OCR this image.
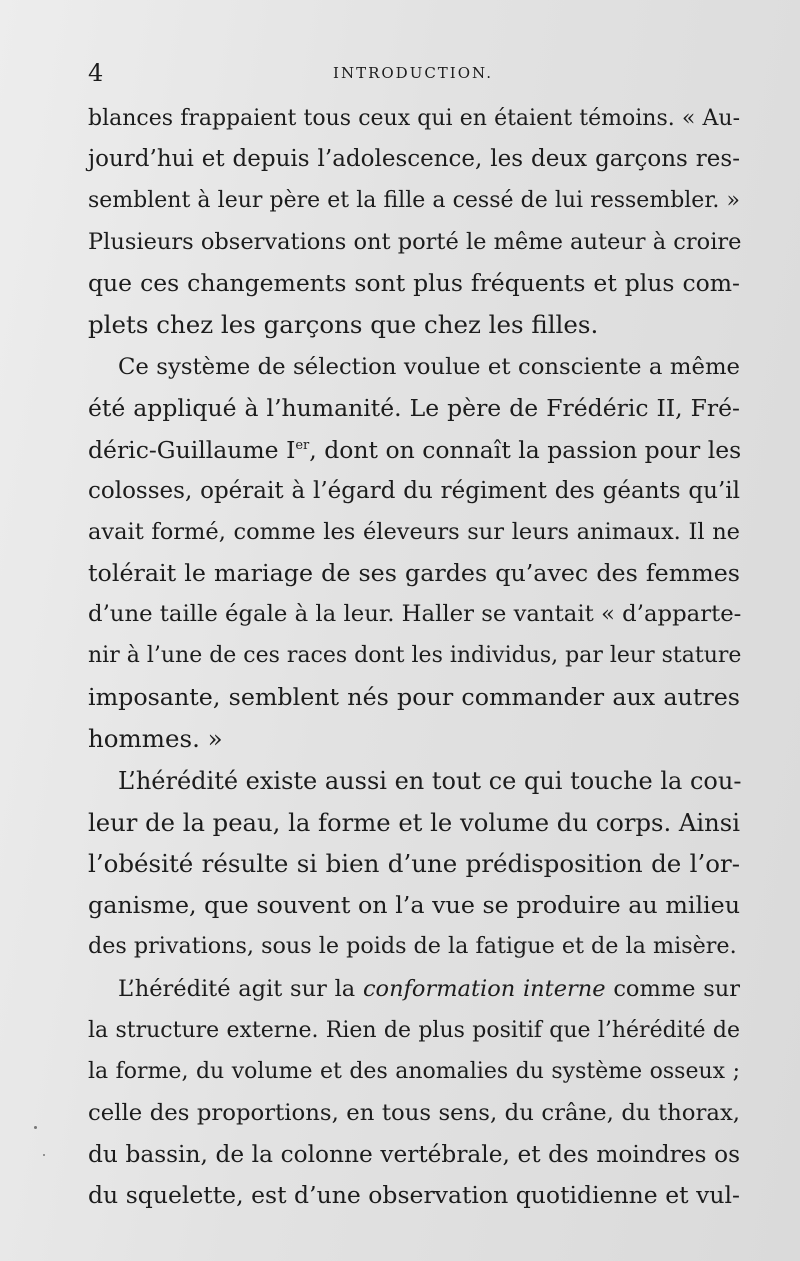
4	INTRODUCTION.
blances frappaient tous ceux qui en étaient témoins. « Au-
jourd’hui et depuis l’adolescence, les deux garçons res-
semblent à leur père et la fille a cessé de lui ressembler. »
Plusieurs observations ont porté le même auteur à croire
que ces changements sont plus fréquents et plus com-
plets chez les garçons que chez les filles.
Ce système de sélection voulue et consciente a même
été appliqué à l’humanité. Le père de Frédéric II, Fré-
déric-Guillaume Ier, dont on connaît la passion pour les
colosses, opérait à l’égard du régiment des géants qu’il
avait formé, comme les éleveurs sur leurs animaux. Il ne
tolérait le mariage de ses gardes qu’avec des femmes
d’une taille égale à la leur. Haller se vantait « d’apparte-
nir à l’une de ces races dont les individus, par leur stature
imposante, semblent nés pour commander aux autres
hommes. »
L’hérédité existe aussi en tout ce qui touche la cou-
leur de la peau, la forme et le volume du corps. Ainsi
l’obésité résulte si bien d’une prédisposition de l’or-
ganisme, que souvent on l’a vue se produire au milieu
des privations, sous le poids de la fatigue et de la misère.
L’hérédité agit sur la conformation interne comme sur
la structure externe. Rien de plus positif que l’hérédité de
la forme, du volume et des anomalies du système osseux ;
celle des proportions, en tous sens, du crâne, du thorax,
du bassin, de la colonne vertébrale, et des moindres os
du squelette, est d’une observation quotidienne et vul-
